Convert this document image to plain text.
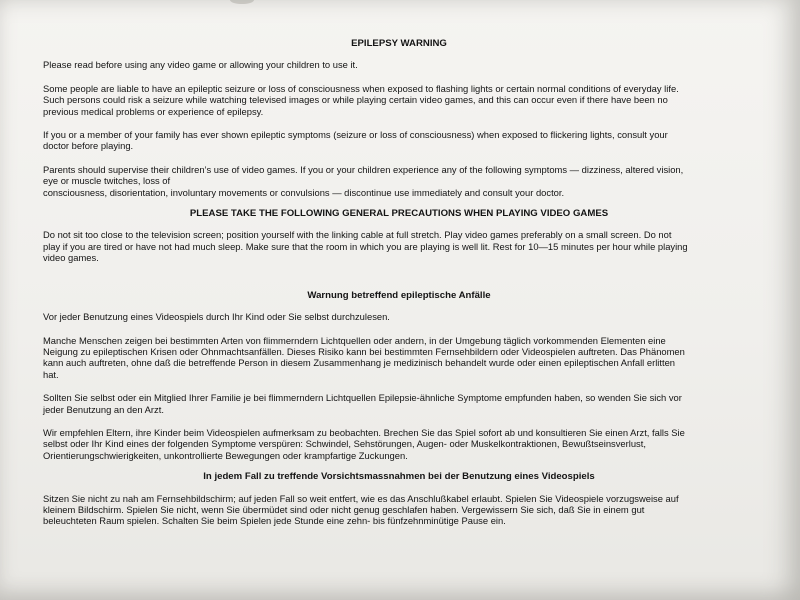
EPILEPSY WARNING
Please read before using any video game or allowing your children to use it.
Some people are liable to have an epileptic seizure or loss of consciousness when exposed to flashing lights or certain normal conditions of everyday life.
Such persons could risk a seizure while watching televised images or while playing certain video games, and this can occur even if there have been no
previous medical problems or experience of epilepsy.
If you or a member of your family has ever shown epileptic symptoms (seizure or loss of consciousness) when exposed to flickering lights, consult your
doctor before playing.
Parents should supervise their children’s use of video games. If you or your children experience any of the following symptoms — dizziness, altered vision,
eye or muscle twitches, loss of
consciousness, disorientation, involuntary movements or convulsions — discontinue use immediately and consult your doctor.
PLEASE TAKE THE FOLLOWING GENERAL PRECAUTIONS WHEN PLAYING VIDEO GAMES
Do not sit too close to the television screen; position yourself with the linking cable at full stretch. Play video games preferably on a small screen. Do not
play if you are tired or have not had much sleep. Make sure that the room in which you are playing is well lit. Rest for 10—15 minutes per hour while playing
video games.
Warnung betreffend epileptische Anfälle
Vor jeder Benutzung eines Videospiels durch Ihr Kind oder Sie selbst durchzulesen.
Manche Menschen zeigen bei bestimmten Arten von flimmerndern Lichtquellen oder andern, in der Umgebung täglich vorkommenden Elementen eine
Neigung zu epileptischen Krisen oder Ohnmachtsanfällen. Dieses Risiko kann bei bestimmten Fernsehbildern oder Videospielen auftreten. Das Phänomen
kann auch auftreten, ohne daß die betreffende Person in diesem Zusammenhang je medizinisch behandelt wurde oder einen epileptischen Anfall erlitten
hat.
Sollten Sie selbst oder ein Mitglied Ihrer Familie je bei flimmerndern Lichtquellen Epilepsie-ähnliche Symptome empfunden haben, so wenden Sie sich vor
jeder Benutzung an den Arzt.
Wir empfehlen Eltern, ihre Kinder beim Videospielen aufmerksam zu beobachten. Brechen Sie das Spiel sofort ab und konsultieren Sie einen Arzt, falls Sie
selbst oder Ihr Kind eines der folgenden Symptome verspüren: Schwindel, Sehstörungen, Augen- oder Muskelkontraktionen, Bewußtseinsverlust,
Orientierungschwierigkeiten, unkontrollierte Bewegungen oder krampfartige Zuckungen.
In jedem Fall zu treffende Vorsichtsmassnahmen bei der Benutzung eines Videospiels
Sitzen Sie nicht zu nah am Fernsehbildschirm; auf jeden Fall so weit entfert, wie es das Anschlußkabel erlaubt. Spielen Sie Videospiele vorzugsweise auf
kleinem Bildschirm. Spielen Sie nicht, wenn Sie übermüdet sind oder nicht genug geschlafen haben. Vergewissern Sie sich, daß Sie in einem gut
beleuchteten Raum spielen. Schalten Sie beim Spielen jede Stunde eine zehn- bis fünfzehnminütige Pause ein.
